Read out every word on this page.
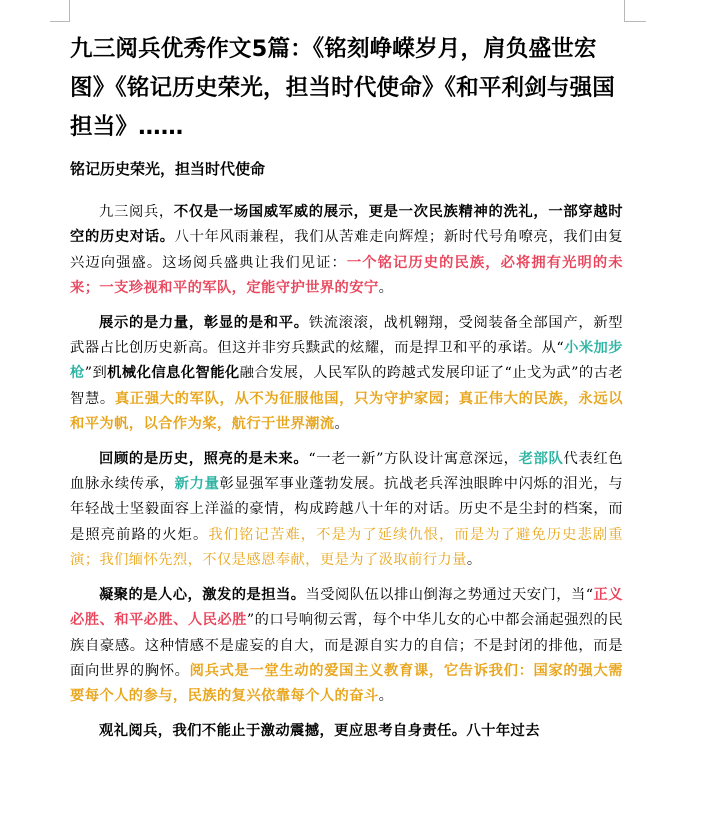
九三阅兵优秀作文5篇：《铭刻峥嵘岁月，肩负盛世宏图》《铭记历史荣光，担当时代使命》《和平利剑与强国担当》……
铭记历史荣光，担当时代使命

九三阅兵，不仅是一场国威军威的展示，更是一次民族精神的洗礼，一部穿越时空的历史对话。八十年风雨兼程，我们从苦难走向辉煌；新时代号角嘹亮，我们由复兴迈向强盛。这场阅兵盛典让我们见证：一个铭记历史的民族，必将拥有光明的未来；一支珍视和平的军队，定能守护世界的安宁。

展示的是力量，彰显的是和平。铁流滚滚，战机翱翔，受阅装备全部国产，新型武器占比创历史新高。但这并非穷兵黩武的炫耀，而是捍卫和平的承诺。从“小米加步枪”到机械化信息化智能化融合发展，人民军队的跨越式发展印证了“止戈为武”的古老智慧。真正强大的军队，从不为征服他国，只为守护家园；真正伟大的民族，永远以和平为帆，以合作为桨，航行于世界潮流。

回顾的是历史，照亮的是未来。“一老一新”方队设计寓意深远，老部队代表红色血脉永续传承，新力量彰显强军事业蓬勃发展。抗战老兵浑浊眼眸中闪烁的泪光，与年轻战士坚毅面容上洋溢的豪情，构成跨越八十年的对话。历史不是尘封的档案，而是照亮前路的火炬。我们铭记苦难，不是为了延续仇恨，而是为了避免历史悲剧重演；我们缅怀先烈，不仅是感恩奉献，更是为了汲取前行力量。

凝聚的是人心，激发的是担当。当受阅队伍以排山倒海之势通过天安门，当“正义必胜、和平必胜、人民必胜”的口号响彻云霄，每个中华儿女的心中都会涌起强烈的民族自豪感。这种情感不是虚妄的自大，而是源自实力的自信；不是封闭的排他，而是面向世界的胸怀。阅兵式是一堂生动的爱国主义教育课，它告诉我们：国家的强大需要每个人的参与，民族的复兴依靠每个人的奋斗。

观礼阅兵，我们不能止于激动震撼，更应思考自身责任。八十年过去
